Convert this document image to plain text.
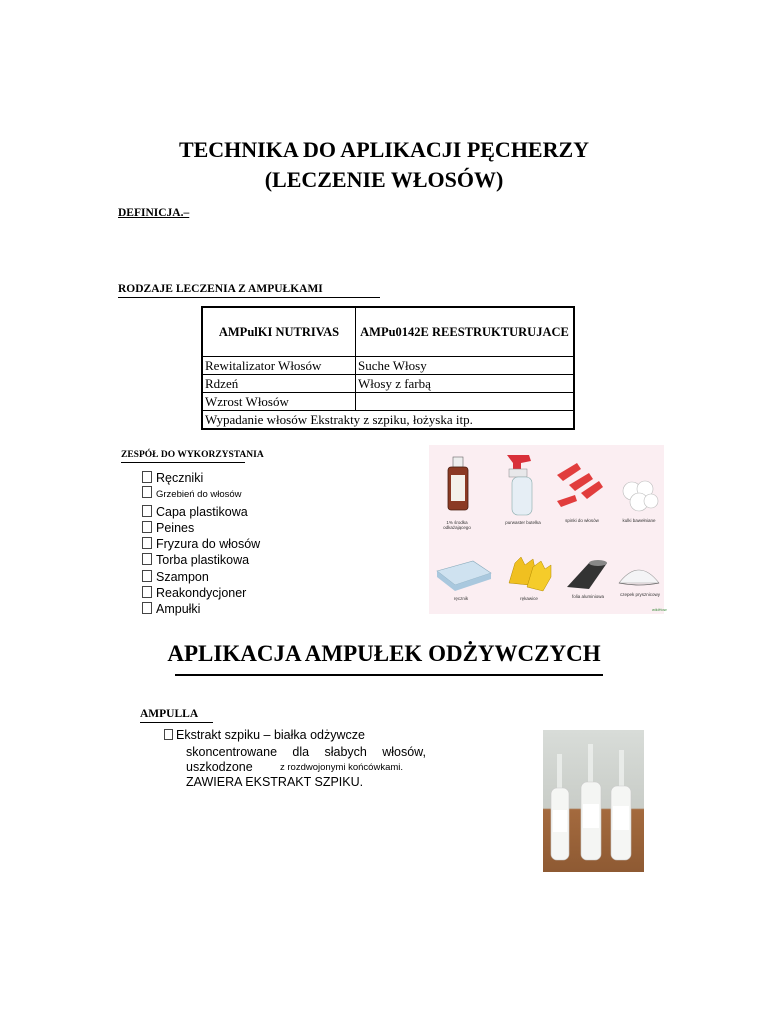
TECHNIKA DO APLIKACJI PĘCHERZY
(LECZENIE WŁOSÓW)
DEFINICJA.–
RODZAJE LECZENIA Z AMPUŁKAMI
AMPulKI NUTRIVAS	AMPu0142E REESTRUKTURUJACE
Rewitalizator Włosów	Suche Włosy
Rdzeń	Włosy z farbą
Wzrost Włosów	
Wypadanie włosów Ekstrakty z szpiku, łożyska itp.	
ZESPÓŁ DO WYKORZYSTANIA
Ręczniki
Grzebień do włosów
Capa plastikowa
Peines
Fryzura do włosów
Torba plastikowa
Szampon
Reakondycjoner
Ampułki	wikiHow
1% środka odkażającego
purwaster butelka	spinki do włosów	kulki bawełniane
ręcznik	rękawice	folia aluminiowa	czepek prysznicowy
APLIKACJA AMPUŁEK ODŻYWCZYCH
AMPULLA
Ekstrakt szpiku – białka odżywcze
skoncentrowane dla słabych włosów,
uszkodzone	z rozdwojonymi końcówkami.
ZAWIERA EKSTRAKT SZPIKU.
